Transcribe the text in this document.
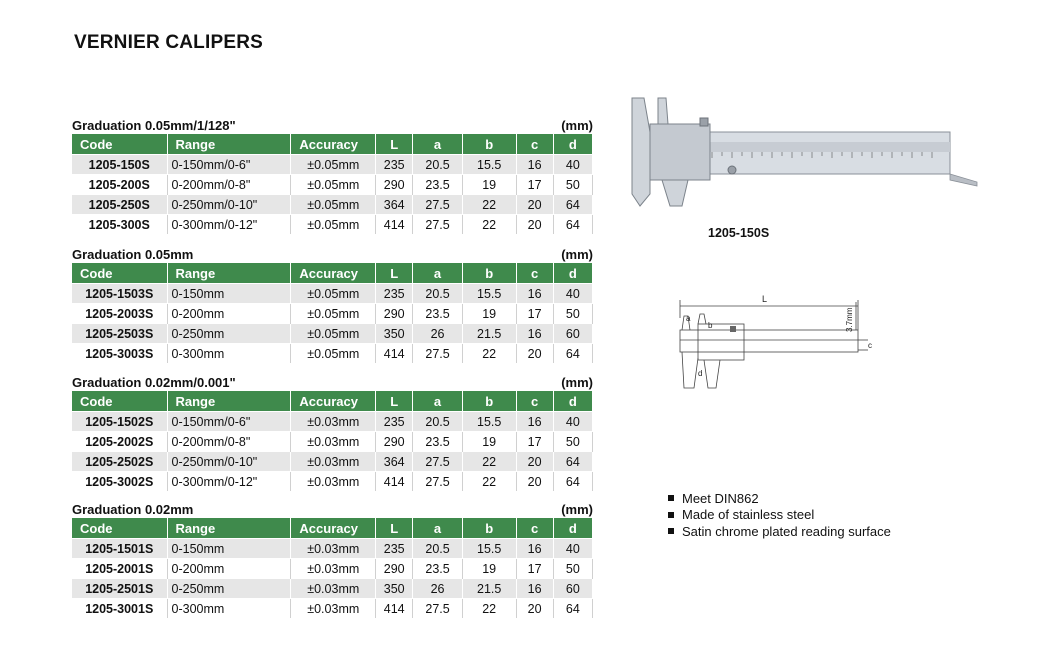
VERNIER CALIPERS
Graduation 0.05mm/1/128"	(mm)
Code	Range	Accuracy	L	a	b	c	d
1205-150S	0-150mm/0-6"	±0.05mm	235	20.5	15.5	16	40
1205-200S	0-200mm/0-8"	±0.05mm	290	23.5	19	17	50
1205-250S	0-250mm/0-10"	±0.05mm	364	27.5	22	20	64
1205-300S	0-300mm/0-12"	±0.05mm	414	27.5	22	20	64
Graduation 0.05mm	(mm)
Code	Range	Accuracy	L	a	b	c	d
1205-1503S	0-150mm	±0.05mm	235	20.5	15.5	16	40
1205-2003S	0-200mm	±0.05mm	290	23.5	19	17	50
1205-2503S	0-250mm	±0.05mm	350	26	21.5	16	60
1205-3003S	0-300mm	±0.05mm	414	27.5	22	20	64
Graduation 0.02mm/0.001"	(mm)
Code	Range	Accuracy	L	a	b	c	d
1205-1502S	0-150mm/0-6"	±0.03mm	235	20.5	15.5	16	40
1205-2002S	0-200mm/0-8"	±0.03mm	290	23.5	19	17	50
1205-2502S	0-250mm/0-10"	±0.03mm	364	27.5	22	20	64
1205-3002S	0-300mm/0-12"	±0.03mm	414	27.5	22	20	64
Graduation 0.02mm	(mm)
Code	Range	Accuracy	L	a	b	c	d
1205-1501S	0-150mm	±0.03mm	235	20.5	15.5	16	40
1205-2001S	0-200mm	±0.03mm	290	23.5	19	17	50
1205-2501S	0-250mm	±0.03mm	350	26	21.5	16	60
1205-3001S	0-300mm	±0.03mm	414	27.5	22	20	64
1205-150S
L
a
b
c
d
3.7mm
Meet DIN862
Made of stainless steel
Satin chrome plated reading surface
